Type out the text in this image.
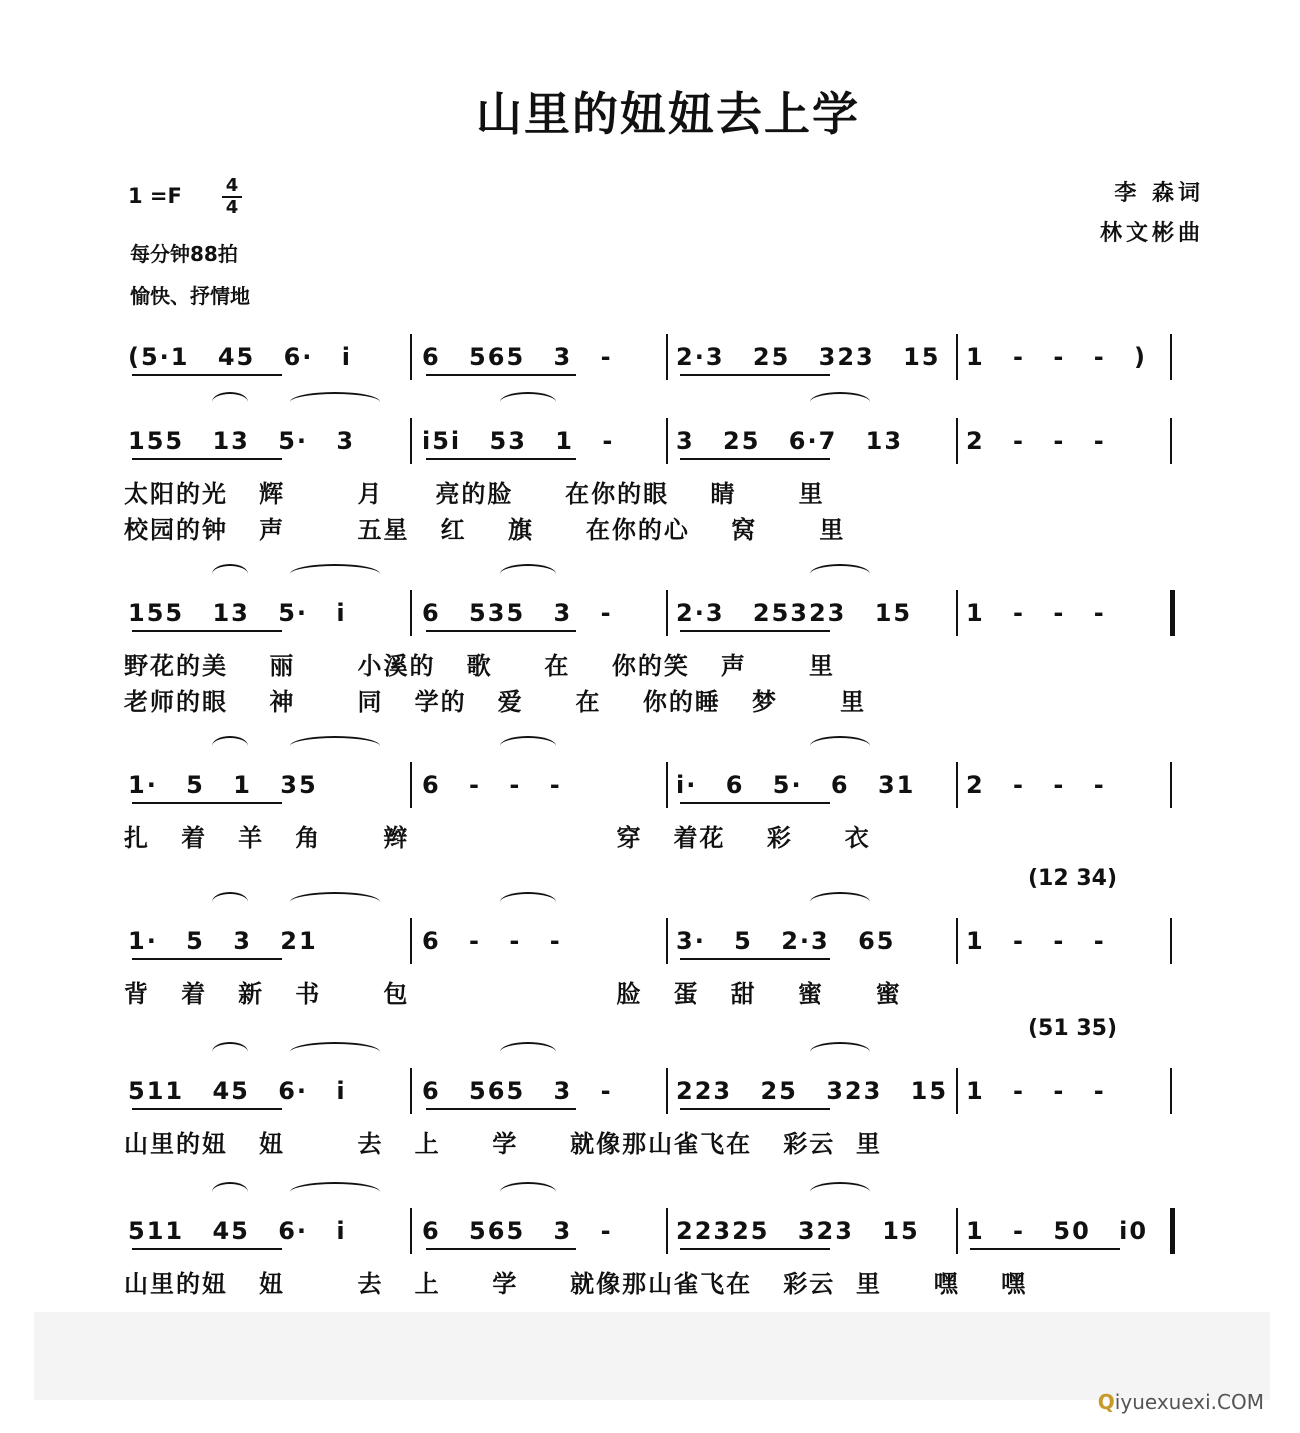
山里的妞妞去上学
1 =F 4
4
每分钟88拍
愉快、抒情地
李 森词
林文彬曲
(5·1 45 6· i	6 565 3 -	2·3 25 323 15 1 - - - )
155 13 5· 3	i5i 53 1 -	3 25 6·7 13	2 - - -
太阳的光   辉       月     亮的脸     在你的眼    睛      里
校园的钟   声       五星   红    旗     在你的心    窝      里
155 13 5· i	6 535 3 -	2·3 25323 15	1 - - -
野花的美    丽      小溪的   歌     在    你的笑   声      里
老师的眼    神      同   学的   爱     在    你的睡   梦      里
1· 5 1 35	6 - - -	i· 6 5· 6 31	2 - - -
扎   着   羊   角      辫                    穿   着花    彩     衣
1· 5 3 21	6 - - -	3· 5 2·3 65	1 - - -
背   着   新   书      包                    脸   蛋   甜    蜜     蜜
(12 34)
511 45 6· i	6 565 3 -	223 25 323 15 1 - - -
山里的妞   妞       去   上     学     就像那山雀飞在   彩云  里
(51 35)
511 45 6· i	6 565 3 -	22325 323 15	1 - 50 i0
山里的妞   妞       去   上     学     就像那山雀飞在   彩云  里     嘿    嘿
Qiyuexuexi.COM
